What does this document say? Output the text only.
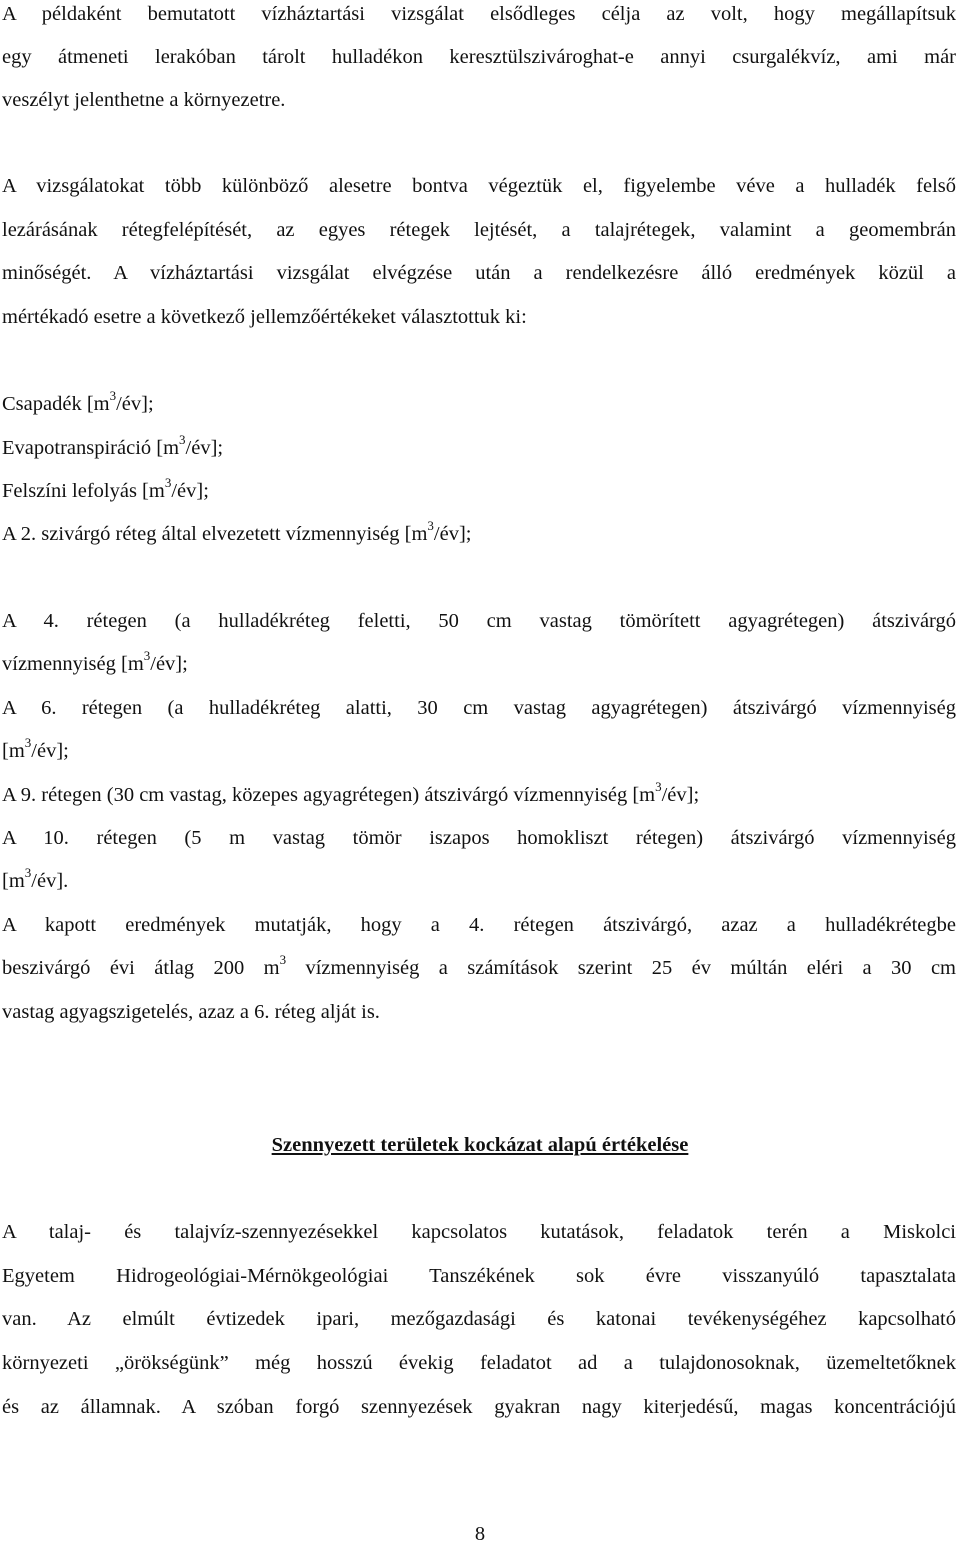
A példaként bemutatott vízháztartási vizsgálat elsődleges célja az volt, hogy megállapítsuk
egy átmeneti lerakóban tárolt hulladékon keresztülszivároghat-e annyi csurgalékvíz, ami már
veszélyt jelenthetne a környezetre.
A vizsgálatokat több különböző alesetre bontva végeztük el, figyelembe véve a hulladék felső
lezárásának rétegfelépítését, az egyes rétegek lejtését, a talajrétegek, valamint a geomembrán
minőségét. A vízháztartási vizsgálat elvégzése után a rendelkezésre álló eredmények közül a
mértékadó esetre a következő jellemzőértékeket választottuk ki:
Csapadék $[m^3/év]$;
Evapotranspiráció $[m^3/év]$;
Felszíni lefolyás $[m^3/év]$;
A 2. szivárgó réteg által elvezetett vízmennyiség $[m^3/év]$;
A 4. rétegen (a hulladékréteg feletti, 50 cm vastag tömörített agyagrétegen) átszivárgó
vízmennyiség $[m^3/év]$;
A 6. rétegen (a hulladékréteg alatti, 30 cm vastag agyagrétegen) átszivárgó vízmennyiség
$[m^3/év]$;
A 9. rétegen (30 cm vastag, közepes agyagrétegen) átszivárgó vízmennyiség $[m^3/év]$;
A 10. rétegen (5 m vastag tömör iszapos homokliszt rétegen) átszivárgó vízmennyiség
$[m^3/év]$.
A kapott eredmények mutatják, hogy a 4. rétegen átszivárgó, azaz a hulladékrétegbe
beszivárgó évi átlag 200 $m^3$ vízmennyiség a számítások szerint 25 év múltán eléri a 30 cm
vastag agyagszigetelés, azaz a 6. réteg alját is.
Szennyezett területek kockázat alapú értékelése
A talaj- és talajvíz-szennyezésekkel kapcsolatos kutatások, feladatok terén a Miskolci
Egyetem Hidrogeológiai-Mérnökgeológiai Tanszékének sok évre visszanyúló tapasztalata
van. Az elmúlt évtizedek ipari, mezőgazdasági és katonai tevékenységéhez kapcsolható
környezeti „örökségünk” még hosszú évekig feladatot ad a tulajdonosoknak, üzemeltetőknek
és az államnak. A szóban forgó szennyezések gyakran nagy kiterjedésű, magas koncentrációjú
8
